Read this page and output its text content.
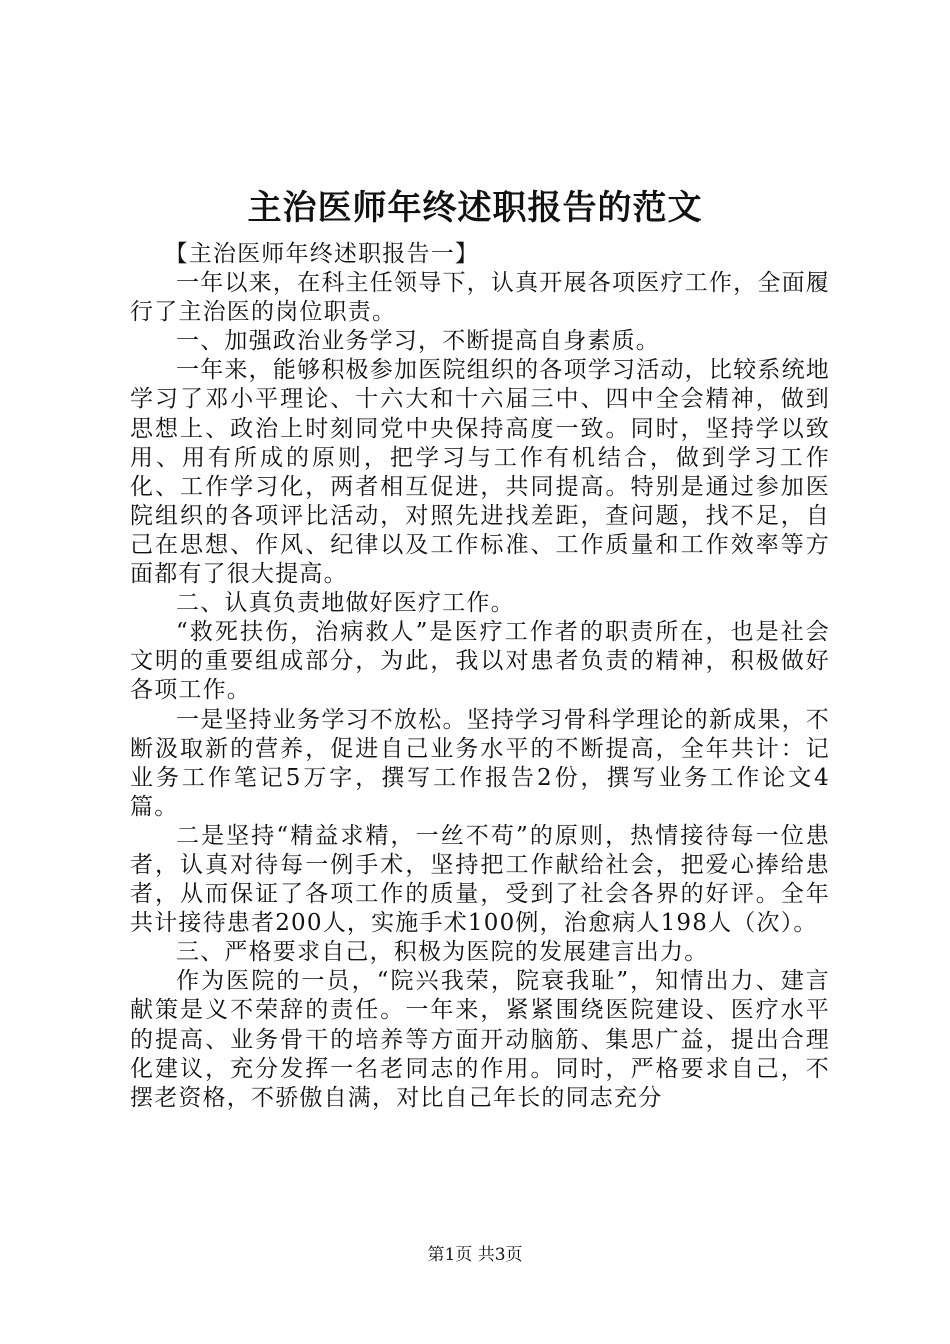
主治医师年终述职报告的范文

【主治医师年终述职报告一】

一年以来，在科主任领导下，认真开展各项医疗工作，全面履行了主治医的岗位职责。

一、加强政治业务学习，不断提高自身素质。

一年来，能够积极参加医院组织的各项学习活动，比较系统地学习了邓小平理论、十六大和十六届三中、四中全会精神，做到思想上、政治上时刻同党中央保持高度一致。同时，坚持学以致用、用有所成的原则，把学习与工作有机结合，做到学习工作化、工作学习化，两者相互促进，共同提高。特别是通过参加医院组织的各项评比活动，对照先进找差距，查问题，找不足，自己在思想、作风、纪律以及工作标准、工作质量和工作效率等方面都有了很大提高。

二、认真负责地做好医疗工作。

“救死扶伤，治病救人”是医疗工作者的职责所在，也是社会文明的重要组成部分，为此，我以对患者负责的精神，积极做好各项工作。

一是坚持业务学习不放松。坚持学习骨科学理论的新成果，不断汲取新的营养，促进自己业务水平的不断提高，全年共计：记业务工作笔记5万字，撰写工作报告2份，撰写业务工作论文4篇。

二是坚持“精益求精，一丝不苟”的原则，热情接待每一位患者，认真对待每一例手术，坚持把工作献给社会，把爱心捧给患者，从而保证了各项工作的质量，受到了社会各界的好评。全年共计接待患者200人，实施手术100例，治愈病人198人（次）。

三、严格要求自己，积极为医院的发展建言出力。

作为医院的一员，“院兴我荣，院衰我耻”，知情出力、建言献策是义不荣辞的责任。一年来，紧紧围绕医院建设、医疗水平的提高、业务骨干的培养等方面开动脑筋、集思广益，提出合理化建议，充分发挥一名老同志的作用。同时，严格要求自己，不摆老资格，不骄傲自满，对比自己年长的同志充分

第1页 共3页
